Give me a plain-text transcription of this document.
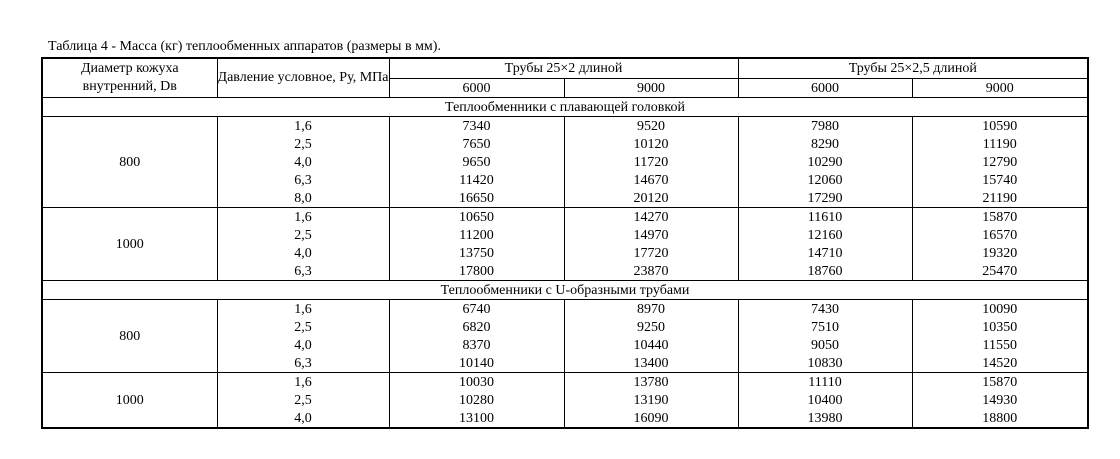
Таблица 4 - Масса (кг) теплообменных аппаратов (размеры в мм).
Диаметр кожуха внутренний, Dв	Давление условное, Ру, МПа	Трубы 25×2 длиной		Трубы 25×2,5 длиной	
		6000	9000	6000	9000
Теплообменники с плавающей головкой					
800	1,6	7340	9520	7980	10590
	2,5	7650	10120	8290	11190
	4,0	9650	11720	10290	12790
	6,3	11420	14670	12060	15740
	8,0	16650	20120	17290	21190
1000	1,6	10650	14270	11610	15870
	2,5	11200	14970	12160	16570
	4,0	13750	17720	14710	19320
	6,3	17800	23870	18760	25470
Теплообменники с U-образными трубами					
800	1,6	6740	8970	7430	10090
	2,5	6820	9250	7510	10350
	4,0	8370	10440	9050	11550
	6,3	10140	13400	10830	14520
1000	1,6	10030	13780	11110	15870
	2,5	10280	13190	10400	14930
	4,0	13100	16090	13980	18800
